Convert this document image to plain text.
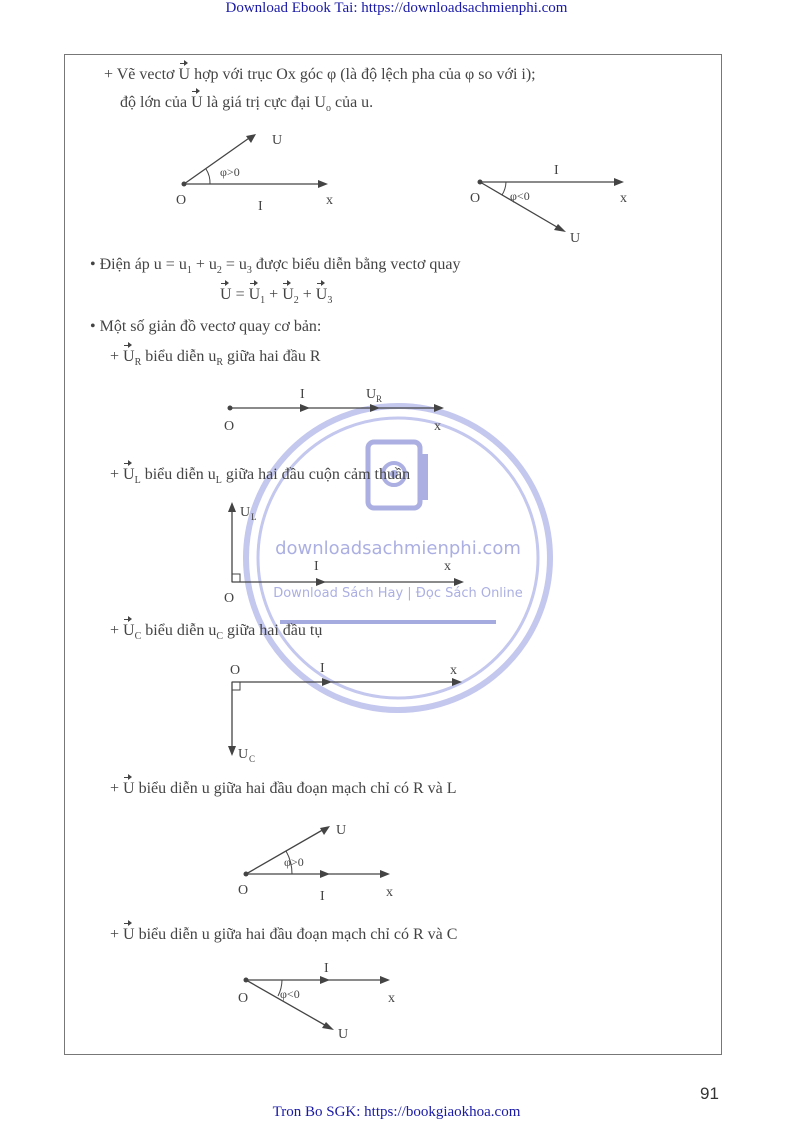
Download Ebook Tai: https://downloadsachmienphi.com
downloadsachmienphi.com
Download Sách Hay | Đọc Sách Online
+ Vẽ vectơ U hợp với trục Ox góc φ (là độ lệch pha của φ so với i);
độ lớn của U là giá trị cực đại $U_o$ của u.
O	x
I
U
φ>0
O	x
I
U
φ<0
• Điện áp $u = u_1 + u_2 = u_3$ được biểu diễn bằng vectơ quay
$U = U_1 + U_2 + U_3$
• Một số giản đồ vectơ quay cơ bản:
+ $U_R$ biểu diễn $u_R$ giữa hai đầu R
O	x
I	U R
+ $U_L$ biểu diễn $u_L$ giữa hai đầu cuộn cảm thuần
O
x
I
U L
+ $U_C$ biểu diễn $u_C$ giữa hai đầu tụ
O	x
I
U C
+ U biểu diễn u giữa hai đầu đoạn mạch chỉ có R và L
O	x
I
U
φ>0
+ U biểu diễn u giữa hai đầu đoạn mạch chỉ có R và C
O	x
I
U
φ<0
91
Tron Bo SGK: https://bookgiaokhoa.com
